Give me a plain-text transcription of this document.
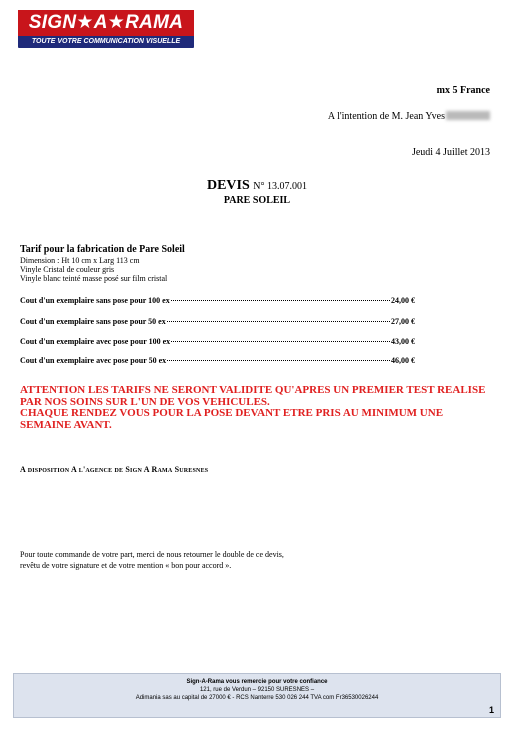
SIGN★A★RAMA
TOUTE VOTRE COMMUNICATION VISUELLE
mx 5 France
A l'intention de M. Jean Yves
Jeudi 4 Juillet 2013
DEVIS N° 13.07.001
PARE SOLEIL
Tarif pour la fabrication de Pare Soleil
Dimension : Ht 10 cm x Larg 113 cm
Vinyle Cristal de couleur gris
Vinyle blanc teinté masse posé sur film cristal
Cout d'un exemplaire sans pose pour 100 ex	24,00 €
Cout d'un exemplaire sans pose pour 50 ex	27,00 €
Cout d'un exemplaire avec pose pour 100 ex	43,00 €
Cout d'un exemplaire avec pose pour 50 ex	46,00 €
ATTENTION LES TARIFS NE SERONT VALIDITE QU'APRES UN PREMIER TEST REALISE PAR NOS SOINS SUR L'UN DE VOS VEHICULES.
CHAQUE RENDEZ VOUS POUR LA POSE DEVANT ETRE PRIS AU MINIMUM UNE SEMAINE AVANT.
A disposition A l'agence de Sign A Rama Suresnes
Pour toute commande de votre part, merci de nous retourner le double de ce devis,
revêtu de votre signature et de votre mention « bon pour accord ».
Sign-A-Rama vous remercie pour votre confiance
121, rue de Verdun – 92150 SURESNES –
Adimania sas au capital de 27000 € - RCS Nanterre 530 026 244 TVA com Fr36530026244
1
